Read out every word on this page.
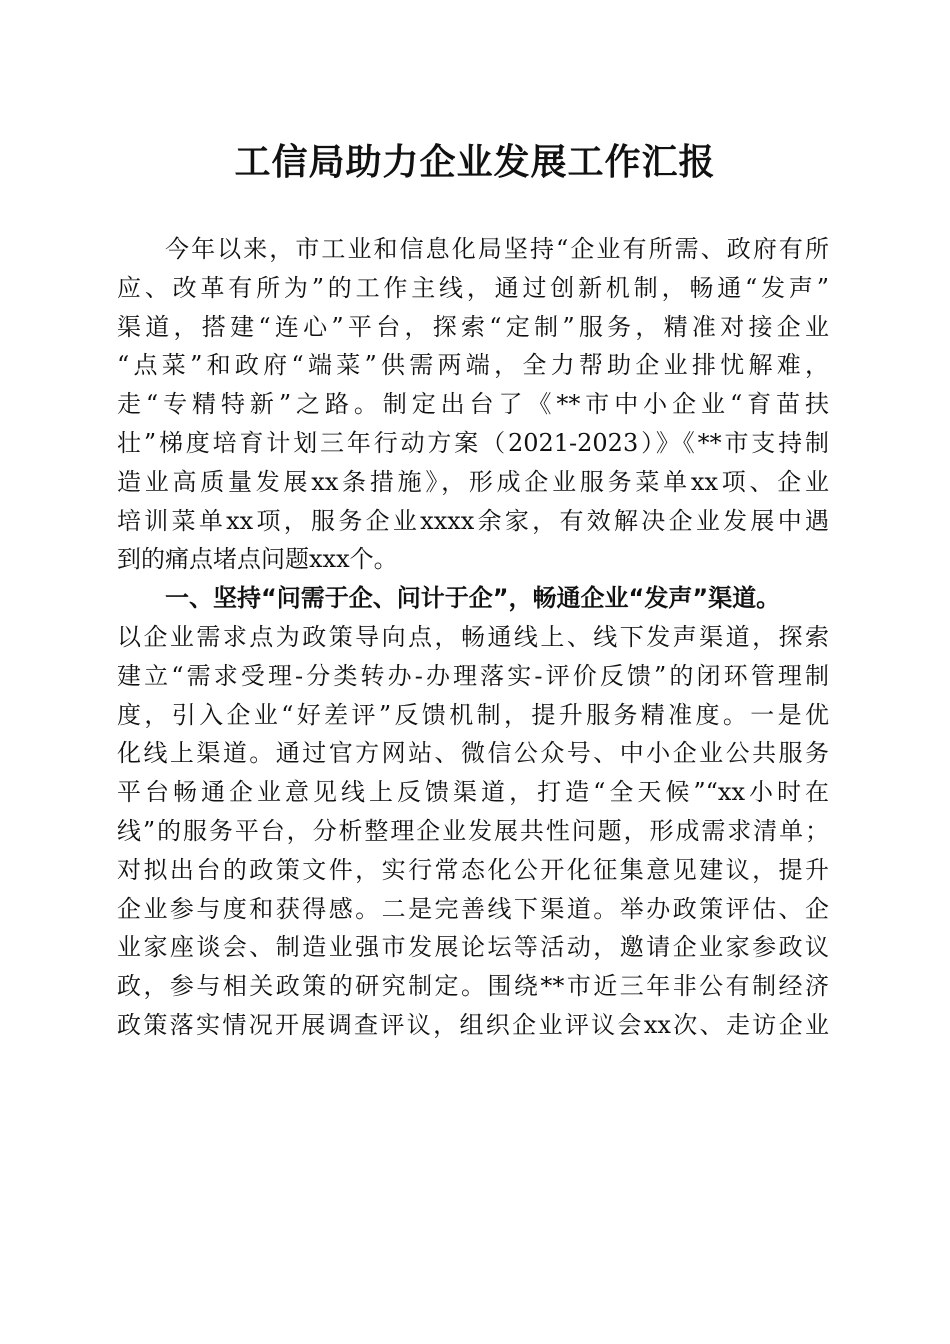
工信局助力企业发展工作汇报
今年以来，市工业和信息化局坚持“企业有所需、政府有所
应、改革有所为”的工作主线，通过创新机制，畅通“发声”
渠道，搭建“连心”平台，探索“定制”服务，精准对接企业
“点菜”和政府“端菜”供需两端，全力帮助企业排忧解难，
走“专精特新”之路。制定出台了《**市中小企业“育苗扶
壮”梯度培育计划三年行动方案（2021-2023）》《**市支持制
造业高质量发展xx条措施》，形成企业服务菜单xx项、企业
培训菜单xx项，服务企业xxxx余家，有效解决企业发展中遇
到的痛点堵点问题xxx个。
一、坚持“问需于企、问计于企”，畅通企业“发声”渠道。
以企业需求点为政策导向点，畅通线上、线下发声渠道，探索
建立“需求受理-分类转办-办理落实-评价反馈”的闭环管理制
度，引入企业“好差评”反馈机制，提升服务精准度。一是优
化线上渠道。通过官方网站、微信公众号、中小企业公共服务
平台畅通企业意见线上反馈渠道，打造“全天候”“xx小时在
线”的服务平台，分析整理企业发展共性问题，形成需求清单；
对拟出台的政策文件，实行常态化公开化征集意见建议，提升
企业参与度和获得感。二是完善线下渠道。举办政策评估、企
业家座谈会、制造业强市发展论坛等活动，邀请企业家参政议
政，参与相关政策的研究制定。围绕**市近三年非公有制经济
政策落实情况开展调查评议，组织企业评议会xx次、走访企业
